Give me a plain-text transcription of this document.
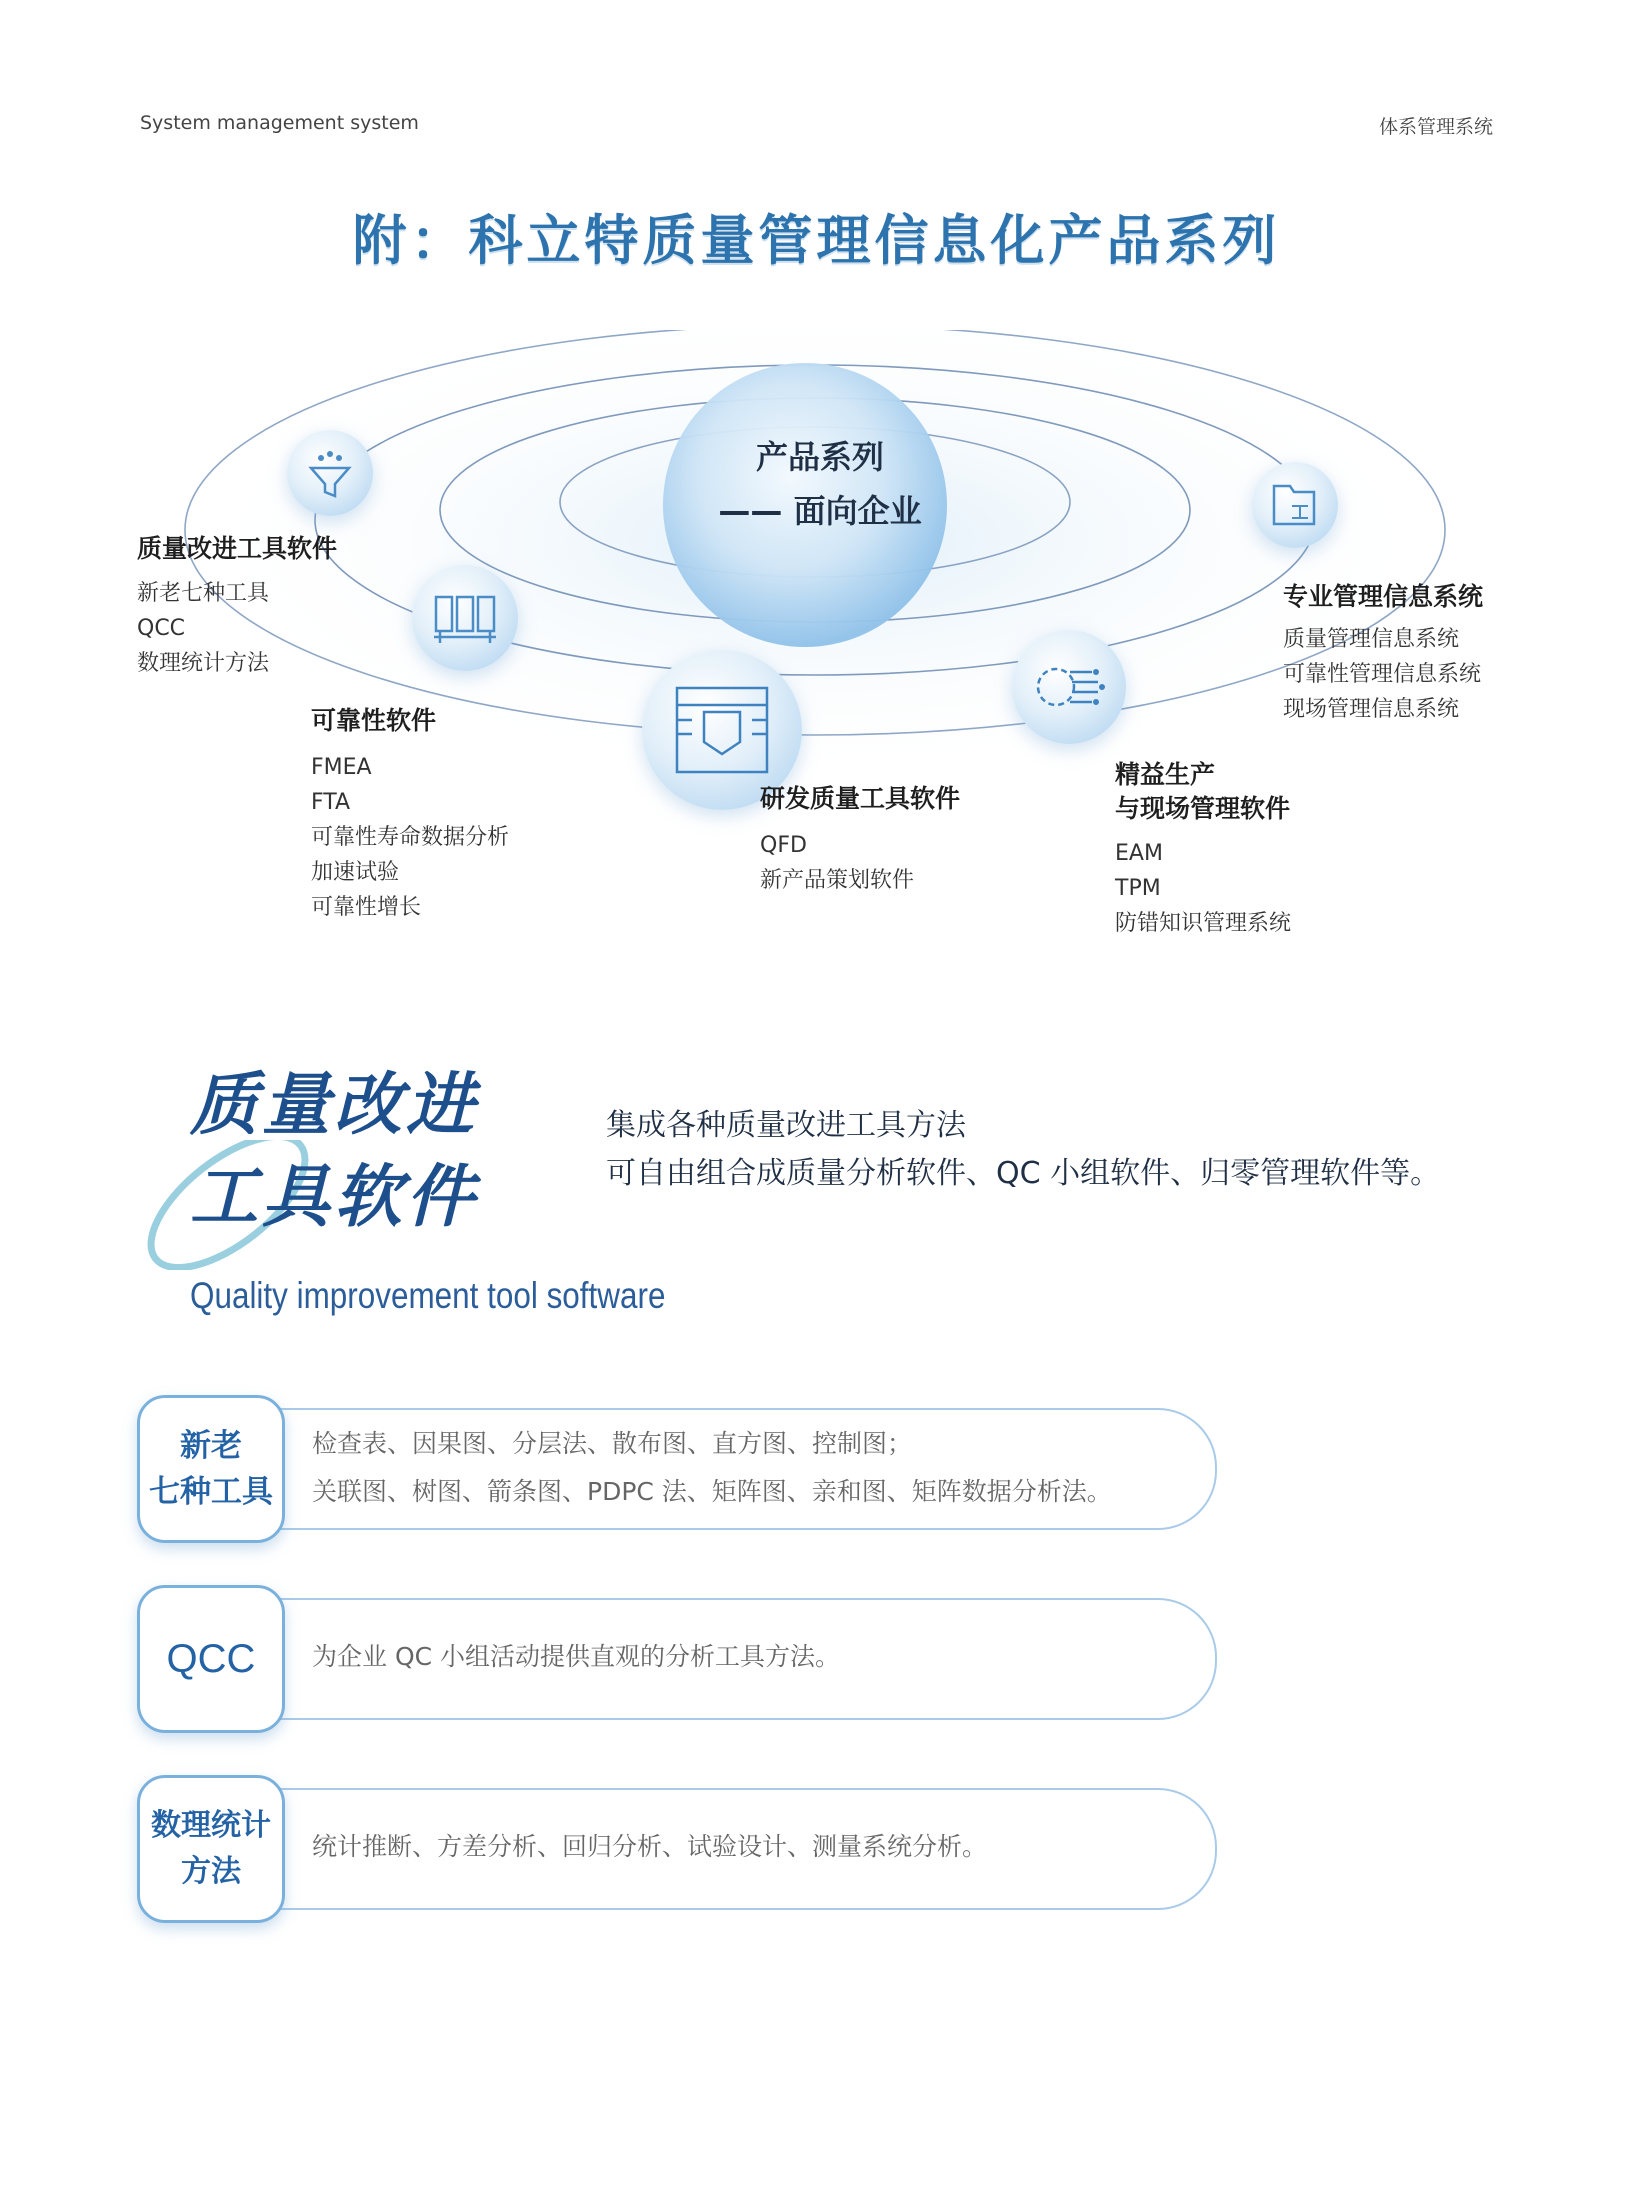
System management system	体系管理系统
附：科立特质量管理信息化产品系列
产品系列
—— 面向企业
质量改进工具软件
新老七种工具
QCC
数理统计方法
可靠性软件
FMEA
FTA
可靠性寿命数据分析
加速试验
可靠性增长
研发质量工具软件
QFD
新产品策划软件
精益生产
与现场管理软件
EAM
TPM
防错知识管理系统
专业管理信息系统
质量管理信息系统
可靠性管理信息系统
现场管理信息系统
质量改进
工具软件
集成各种质量改进工具方法
可自由组合成质量分析软件、QC 小组软件、归零管理软件等。
Quality improvement tool software
新老
七种工具
检查表、因果图、分层法、散布图、直方图、控制图；
关联图、树图、箭条图、PDPC 法、矩阵图、亲和图、矩阵数据分析法。
QCC 为企业 QC 小组活动提供直观的分析工具方法。
数理统计
方法
统计推断、方差分析、回归分析、试验设计、测量系统分析。
